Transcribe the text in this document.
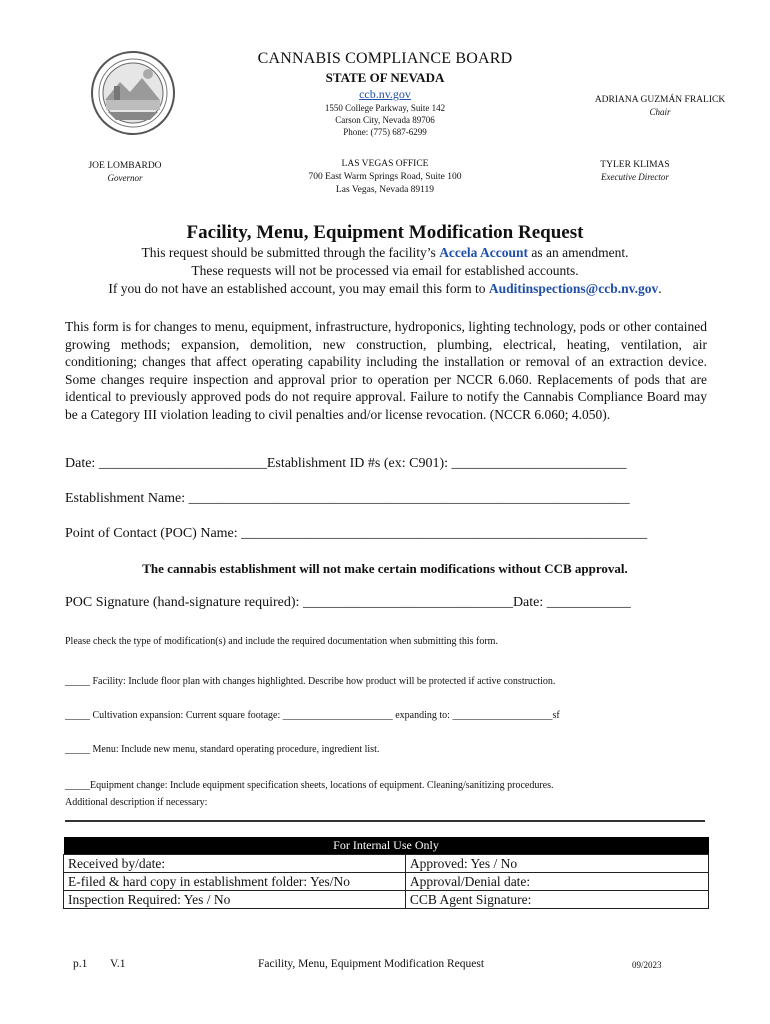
CANNABIS COMPLIANCE BOARD
STATE OF NEVADA
ccb.nv.gov
1550 College Parkway, Suite 142
Carson City, Nevada 89706
Phone: (775) 687-6299
ADRIANA GUZMÁN FRALICK
Chair
JOE LOMBARDO
Governor
LAS VEGAS OFFICE
700 East Warm Springs Road, Suite 100
Las Vegas, Nevada 89119
TYLER KLIMAS
Executive Director
Facility, Menu, Equipment Modification Request
This request should be submitted through the facility’s Accela Account as an amendment.
These requests will not be processed via email for established accounts.
If you do not have an established account, you may email this form to Auditinspections@ccb.nv.gov.
This form is for changes to menu, equipment, infrastructure, hydroponics, lighting technology, pods or other contained growing methods; expansion, demolition, new construction, plumbing, electrical, heating, ventilation, air conditioning; changes that affect operating capability including the installation or removal of an extraction device. Some changes require inspection and approval prior to operation per NCCR 6.060. Replacements of pods that are identical to previously approved pods do not require approval. Failure to notify the Cannabis Compliance Board may be a Category III violation leading to civil penalties and/or license revocation. (NCCR 6.060; 4.050).
Date: ________________________Establishment ID #s (ex: C901): _________________________
Establishment Name: _______________________________________________________________
Point of Contact (POC) Name: __________________________________________________________
The cannabis establishment will not make certain modifications without CCB approval.
POC Signature (hand-signature required): ______________________________Date: ____________
Please check the type of modification(s) and include the required documentation when submitting this form.
_____ Facility: Include floor plan with changes highlighted. Describe how product will be protected if active construction.
_____ Cultivation expansion: Current square footage: ______________________ expanding to: ____________________sf
_____ Menu: Include new menu, standard operating procedure, ingredient list.
_____Equipment change: Include equipment specification sheets, locations of equipment. Cleaning/sanitizing procedures.
Additional description if necessary:
For Internal Use Only	
Received by/date:	Approved: Yes / No
E-filed & hard copy in establishment folder: Yes/No	Approval/Denial date:
Inspection Required: Yes / No	CCB Agent Signature:
p.1 V.1	Facility, Menu, Equipment Modification Request	09/2023
